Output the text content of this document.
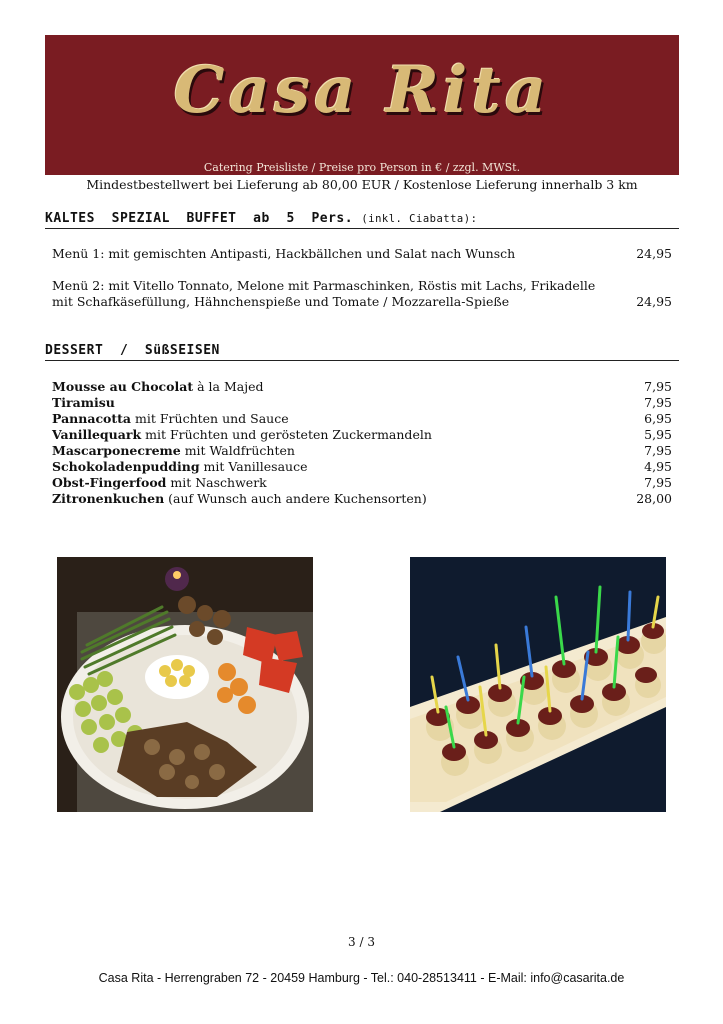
Casa Rita
Catering Preisliste / Preise pro Person in € / zzgl. MWSt.
Mindestbestellwert bei Lieferung ab 80,00 EUR / Kostenlose Lieferung innerhalb 3 km
KALTES  SPEZIAL  BUFFET  ab  5  Pers. (inkl. Ciabatta):
Menü 1: mit gemischten Antipasti, Hackbällchen und Salat nach Wunsch	24,95
Menü 2: mit Vitello Tonnato, Melone mit Parmaschinken, Röstis mit Lachs, Frikadelle mit Schafkäsefüllung, Hähnchenspieße und Tomate / Mozzarella-Spieße	24,95
DESSERT  /  SüßSEISEN
Mousse au Chocolat à la Majed	7,95
Tiramisu	7,95
Pannacotta mit Früchten und Sauce	6,95
Vanillequark mit Früchten und gerösteten Zuckermandeln	5,95
Mascarponecreme mit Waldfrüchten	7,95
Schokoladenpudding mit Vanillesauce	4,95
Obst-Fingerfood mit Naschwerk	7,95
Zitronenkuchen (auf Wunsch auch andere Kuchensorten)	28,00
3 / 3
Casa Rita - Herrengraben 72 - 20459 Hamburg - Tel.: 040-28513411 - E-Mail: info@casarita.de
